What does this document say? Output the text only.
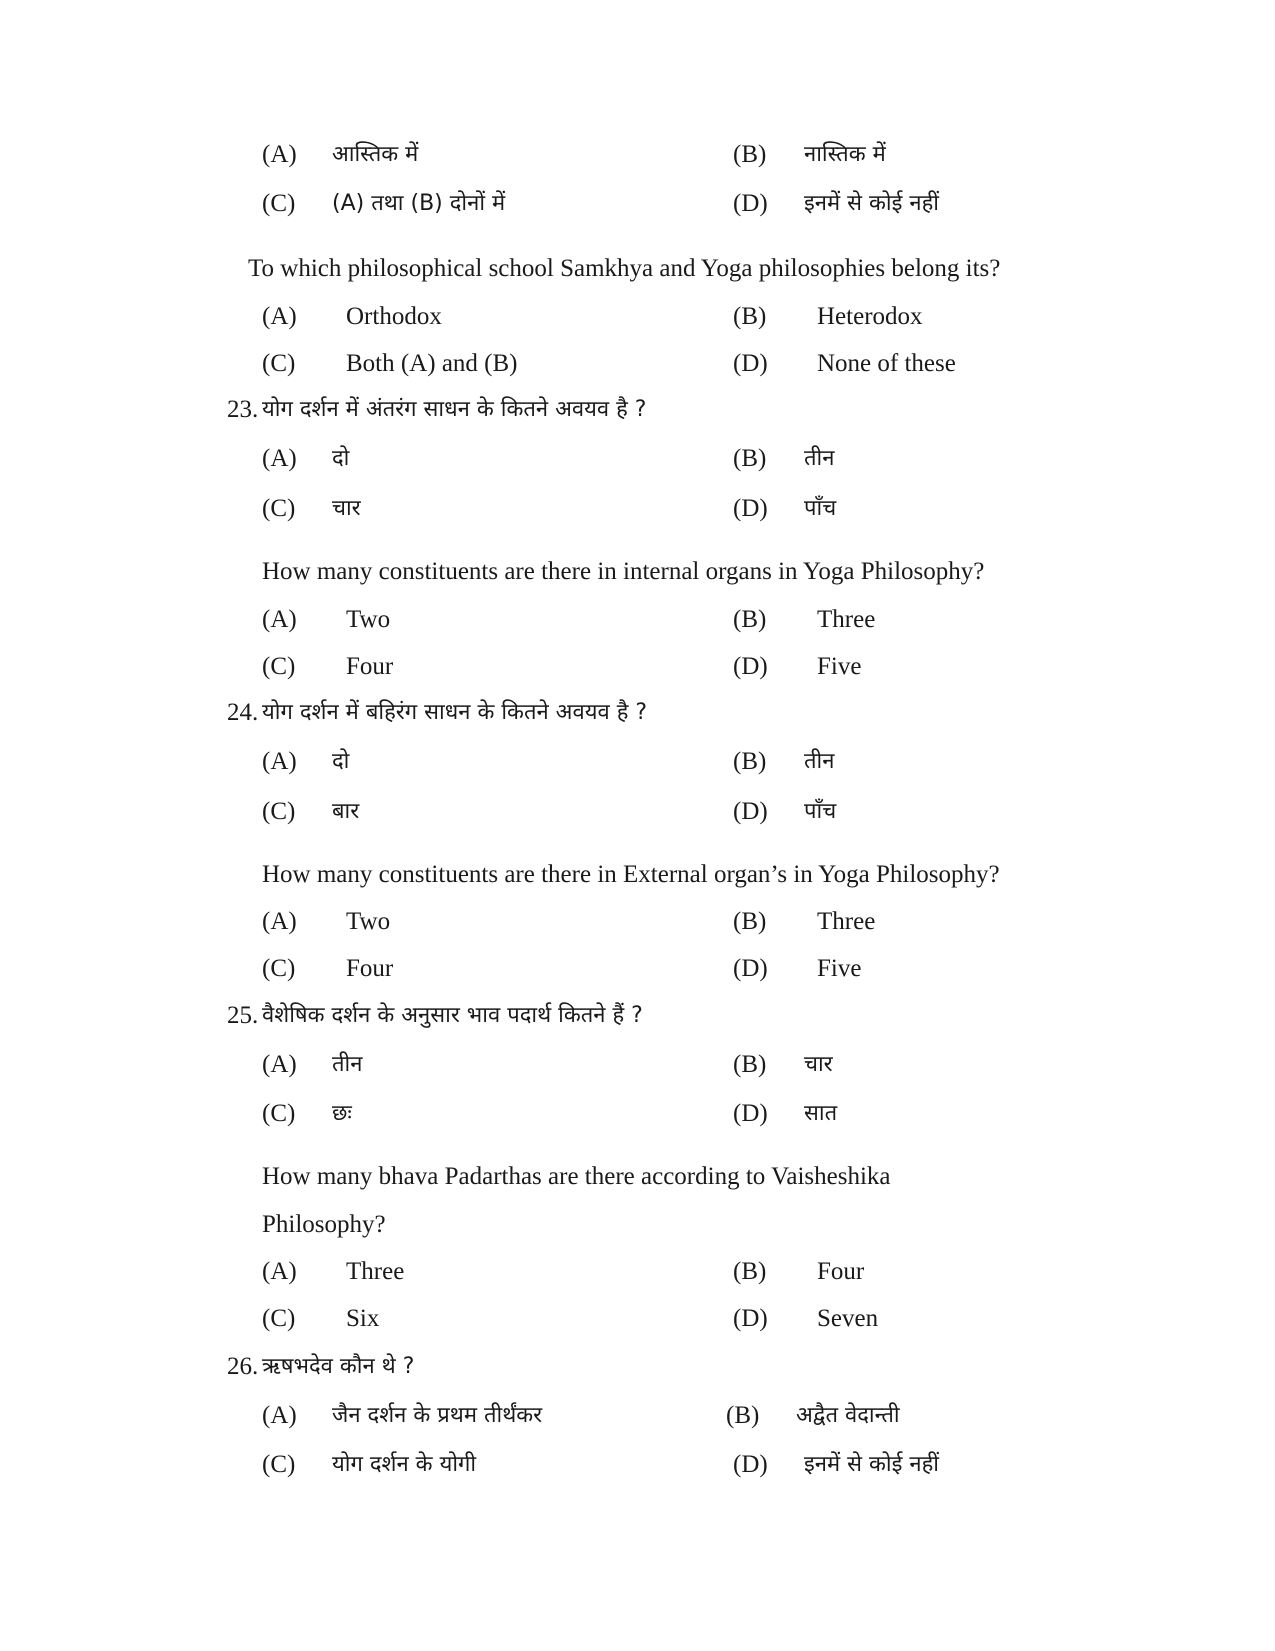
(A) आस्तिक में	(B) नास्तिक में
(C) (A) तथा (B) दोनों में	(D) इनमें से कोई नहीं
To which philosophical school Samkhya and Yoga philosophies belong its?
(A) Orthodox	(B) Heterodox
(C) Both (A) and (B)	(D) None of these
23. योग दर्शन में अंतरंग साधन के कितने अवयव है ?
(A) दो	(B) तीन
(C) चार	(D) पाँच
How many constituents are there in internal organs in Yoga Philosophy?
(A) Two	(B) Three
(C) Four	(D) Five
24. योग दर्शन में बहिरंग साधन के कितने अवयव है ?
(A) दो	(B) तीन
(C) बार	(D) पाँच
How many constituents are there in External organ’s in Yoga Philosophy?
(A) Two	(B) Three
(C) Four	(D) Five
25. वैशेषिक दर्शन के अनुसार भाव पदार्थ कितने हैं ?
(A) तीन	(B) चार
(C) छः	(D) सात
How many bhava Padarthas are there according to Vaisheshika
Philosophy?
(A) Three	(B) Four
(C) Six	(D) Seven
26. ऋषभदेव कौन थे ?
(A) जैन दर्शन के प्रथम तीर्थंकर	(B) अद्वैत वेदान्ती
(C) योग दर्शन के योगी	(D) इनमें से कोई नहीं
